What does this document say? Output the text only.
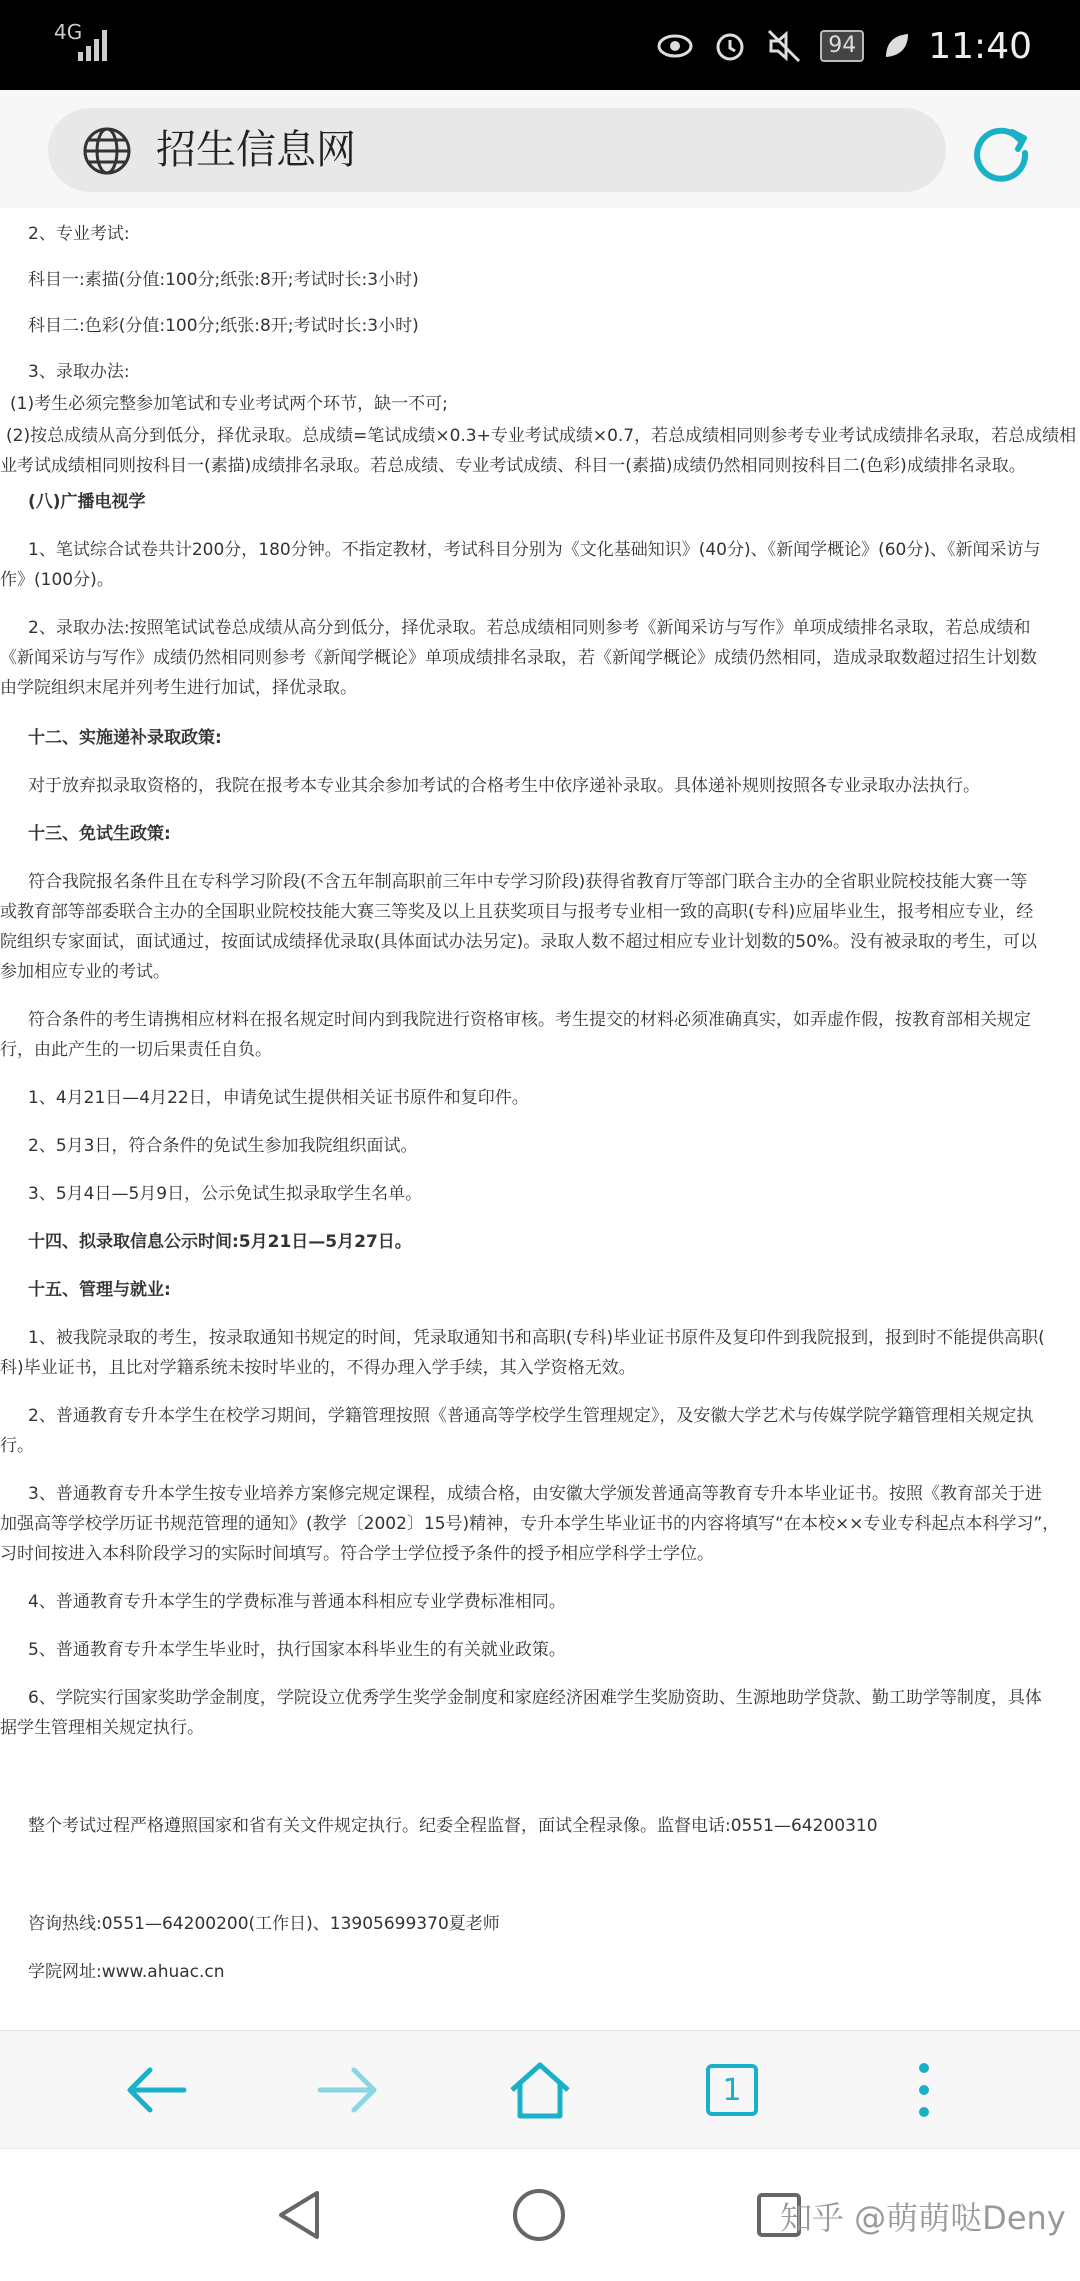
4G
94 11:40
招生信息网
2、专业考试:
科目一:素描(分值:100分;纸张:8开;考试时长:3小时)
科目二:色彩(分值:100分;纸张:8开;考试时长:3小时)
3、录取办法:
(1)考生必须完整参加笔试和专业考试两个环节，缺一不可;
(2)按总成绩从高分到低分，择优录取。总成绩=笔试成绩×0.3+专业考试成绩×0.7，若总成绩相同则参考专业考试成绩排名录取，若总成绩相
业考试成绩相同则按科目一(素描)成绩排名录取。若总成绩、专业考试成绩、科目一(素描)成绩仍然相同则按科目二(色彩)成绩排名录取。
(八)广播电视学
1、笔试综合试卷共计200分，180分钟。不指定教材，考试科目分别为《文化基础知识》(40分)、《新闻学概论》(60分)、《新闻采访与
作》(100分)。
2、录取办法:按照笔试试卷总成绩从高分到低分，择优录取。若总成绩相同则参考《新闻采访与写作》单项成绩排名录取，若总成绩和
《新闻采访与写作》成绩仍然相同则参考《新闻学概论》单项成绩排名录取，若《新闻学概论》成绩仍然相同，造成录取数超过招生计划数
由学院组织末尾并列考生进行加试，择优录取。
十二、实施递补录取政策:
对于放弃拟录取资格的，我院在报考本专业其余参加考试的合格考生中依序递补录取。具体递补规则按照各专业录取办法执行。
十三、免试生政策:
符合我院报名条件且在专科学习阶段(不含五年制高职前三年中专学习阶段)获得省教育厅等部门联合主办的全省职业院校技能大赛一等
或教育部等部委联合主办的全国职业院校技能大赛三等奖及以上且获奖项目与报考专业相一致的高职(专科)应届毕业生，报考相应专业，经
院组织专家面试，面试通过，按面试成绩择优录取(具体面试办法另定)。录取人数不超过相应专业计划数的50%。没有被录取的考生，可以
参加相应专业的考试。
符合条件的考生请携相应材料在报名规定时间内到我院进行资格审核。考生提交的材料必须准确真实，如弄虚作假，按教育部相关规定
行，由此产生的一切后果责任自负。
1、4月21日—4月22日，申请免试生提供相关证书原件和复印件。
2、5月3日，符合条件的免试生参加我院组织面试。
3、5月4日—5月9日，公示免试生拟录取学生名单。
十四、拟录取信息公示时间:5月21日—5月27日。
十五、管理与就业:
1、被我院录取的考生，按录取通知书规定的时间，凭录取通知书和高职(专科)毕业证书原件及复印件到我院报到，报到时不能提供高职(
科)毕业证书，且比对学籍系统未按时毕业的，不得办理入学手续，其入学资格无效。
2、普通教育专升本学生在校学习期间，学籍管理按照《普通高等学校学生管理规定》，及安徽大学艺术与传媒学院学籍管理相关规定执
行。
3、普通教育专升本学生按专业培养方案修完规定课程，成绩合格，由安徽大学颁发普通高等教育专升本毕业证书。按照《教育部关于进
加强高等学校学历证书规范管理的通知》(教学〔2002〕15号)精神，专升本学生毕业证书的内容将填写“在本校××专业专科起点本科学习”，
习时间按进入本科阶段学习的实际时间填写。符合学士学位授予条件的授予相应学科学士学位。
4、普通教育专升本学生的学费标准与普通本科相应专业学费标准相同。
5、普通教育专升本学生毕业时，执行国家本科毕业生的有关就业政策。
6、学院实行国家奖助学金制度，学院设立优秀学生奖学金制度和家庭经济困难学生奖励资助、生源地助学贷款、勤工助学等制度，具体
据学生管理相关规定执行。
整个考试过程严格遵照国家和省有关文件规定执行。纪委全程监督，面试全程录像。监督电话:0551—64200310
咨询热线:0551—64200200(工作日)、13905699370夏老师
学院网址:www.ahuac.cn
1
知乎 @萌萌哒Deny
